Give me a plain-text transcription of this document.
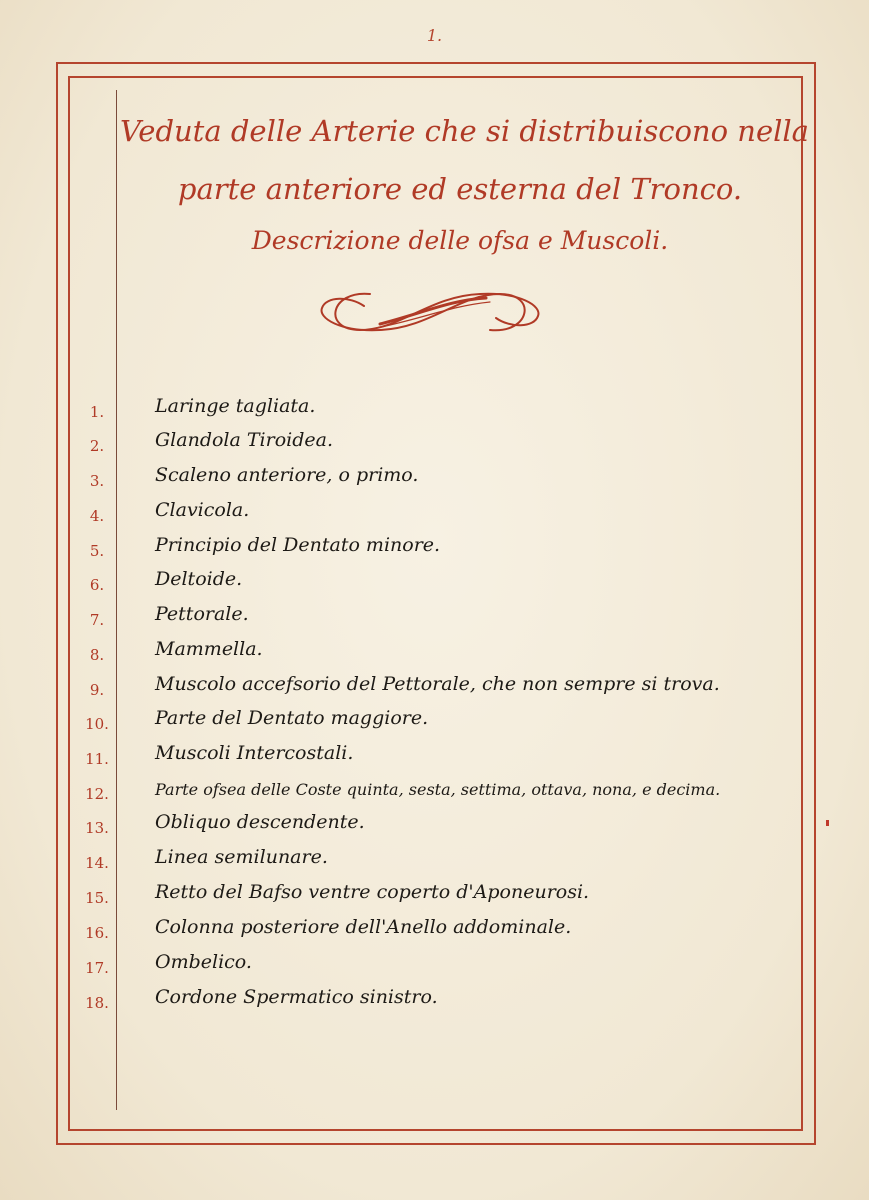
1.
Veduta delle Arterie che si distribuiscono nella
parte anteriore ed esterna del Tronco.
Descrizione delle ofsa e Muscoli.
1.	Laringe tagliata.
2.	Glandola Tiroidea.
3.	Scaleno anteriore, o primo.
4.	Clavicola.
5.	Principio del Dentato minore.
6.	Deltoide.
7.	Pettorale.
8.	Mammella.
9.	Muscolo accefsorio del Pettorale, che non sempre si trova.
10.	Parte del Dentato maggiore.
11.	Muscoli Intercostali.
12.	Parte ofsea delle Coste quinta, sesta, settima, ottava, nona, e decima.
13.	Obliquo descendente.
14.	Linea semilunare.
15.	Retto del Bafso ventre coperto d'Aponeurosi.
16.	Colonna posteriore dell'Anello addominale.
17.	Ombelico.
18.	Cordone Spermatico sinistro.
